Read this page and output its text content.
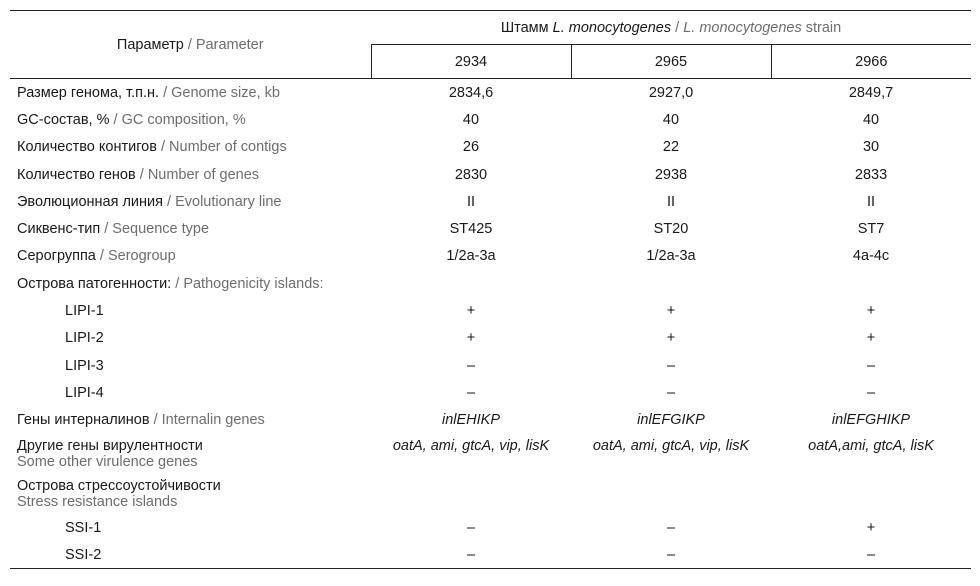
Параметр / Parameter	Штамм L. monocytogenes / L. monocytogenes strain		
	2934	2965	2966
Размер генома, т.п.н. / Genome size, kb	2834,6	2927,0	2849,7
GC-состав, % / GC composition, %	40	40	40
Количество контигов / Number of contigs	26	22	30
Количество генов / Number of genes	2830	2938	2833
Эволюционная линия / Evolutionary line	II	II	II
Сиквенс-тип / Sequence type	ST425	ST20	ST7
Серогруппа / Serogroup	1/2a-3a	1/2a-3a	4a-4c
Острова патогенности: / Pathogenicity islands:			
LIPI-1	+	+	+
LIPI-2	+	+	+
LIPI-3	–	–	–
LIPI-4	–	–	–
Гены интерналинов / Internalin genes	inlEHIKP	inlEFGIKP	inlEFGHIKP

Другие гены вирулентности
Some other virulence genes	oatA, ami, gtcA, vip, lisK	oatA, ami, gtcA, vip, lisK	oatA,ami, gtcA, lisK

Острова стрессоустойчивости
Stress resistance islands			

SSI-1	–	–	+
SSI-2	–	–	–
